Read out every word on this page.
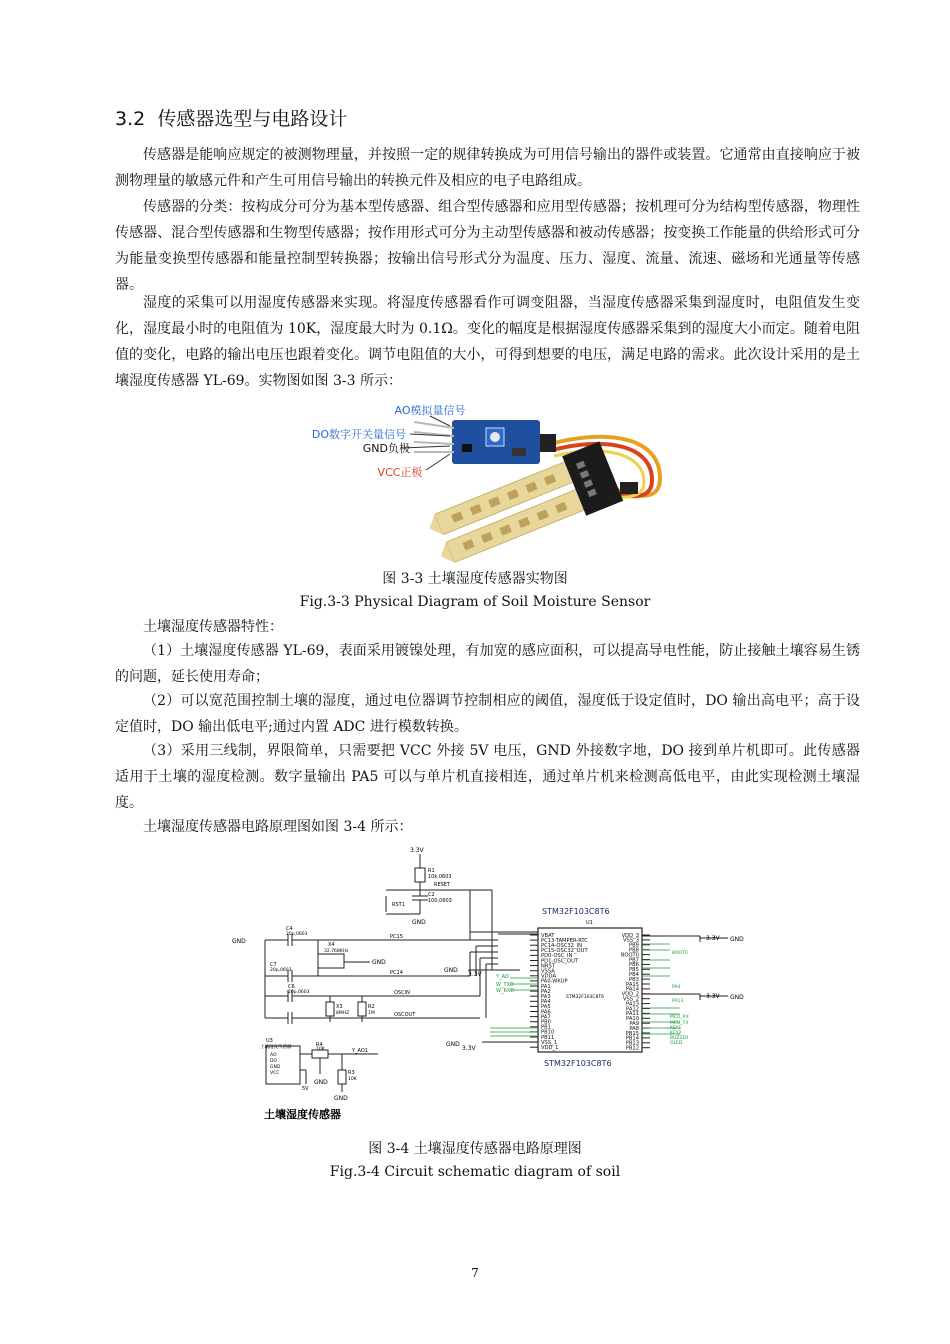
3.2 传感器选型与电路设计

传感器是能响应规定的被测物理量，并按照一定的规律转换成为可用信号输出的器件或装置。它通常由直接响应于被测物理量的敏感元件和产生可用信号输出的转换元件及相应的电子电路组成。

传感器的分类：按构成分可分为基本型传感器、组合型传感器和应用型传感器；按机理可分为结构型传感器，物理性传感器、混合型传感器和生物型传感器；按作用形式可分为主动型传感器和被动传感器；按变换工作能量的供给形式可分为能量变换型传感器和能量控制型转换器；按输出信号形式分为温度、压力、湿度、流量、流速、磁场和光通量等传感器。

湿度的采集可以用湿度传感器来实现。将湿度传感器看作可调变阻器，当湿度传感器采集到湿度时，电阻值发生变化，湿度最小时的电阻值为 10K，湿度最大时为 0.1Ω。变化的幅度是根据湿度传感器采集到的湿度大小而定。随着电阻值的变化，电路的输出电压也跟着变化。调节电阻值的大小，可得到想要的电压，满足电路的需求。此次设计采用的是土壤湿度传感器 YL-69。实物图如图 3-3 所示：

AO模拟量信号
DO数字开关量信号
GND负极
VCC正极
图 3-3 土壤湿度传感器实物图
Fig.3-3 Physical Diagram of Soil Moisture Sensor

土壤湿度传感器特性：

（1）土壤湿度传感器 YL-69，表面采用镀镍处理，有加宽的感应面积，可以提高导电性能，防止接触土壤容易生锈的问题，延长使用寿命；

（2）可以宽范围控制土壤的湿度，通过电位器调节控制相应的阈值，湿度低于设定值时，DO 输出高电平；高于设定值时，DO 输出低电平;通过内置 ADC 进行模数转换。

（3）采用三线制，界限简单，只需要把 VCC 外接 5V 电压，GND 外接数字地，DO 接到单片机即可。此传感器适用于土壤的湿度检测。数字量输出 PA5 可以与单片机直接相连，通过单片机来检测高低电平，由此实现检测土壤湿度。

土壤湿度传感器电路原理图如图 3-4 所示：

VBAT
PC13-TAMPER-RTC
PC14-OSC32_IN
PC15-OSC32_OUT
PD0-OSC_IN
PD1-OSC_OUT
NRST
VSSA
VDDA
PA0-WKUP
PA1
PA2
PA3
PA4
PA5
PA6
PA7
PB0
PB1
PB10
PB11
VSS_1
VDD_1
VDD_3
VSS_3
PB9
PB8
BOOT0
PB7
PB6
PB5
PB4
PB3
PA15
PA14
VDD_2
VSS_2
PA13
PA12
PA11
PA10
PA9
PA8
PB15
PB14
PB13
PB12
3.3V
R1
10k,0603
RESET
C2
100,0603
RST1
GND
STM32F103C8T6
U1
STM32F103C8T6
STM32F103C8T6
GND
C4
20p,0603
X4
32.768KHz
C7
20p,0603
GND
PC15
PC14
C6
20p,0603	OSCIN
X3
8MHZ
R2
1M	OSCOUT
GND
3.3V	Y_AO
W_TXD
W_RXD
GND
3.3V
3.3V GND
3.3V GND
BOOT0
PA4
PA13
MCU_RX
MCU_TX
KEY1
KEY2
BUZZER
OLED
U3
土壤湿度传感器
AO
DO
GND
VCC
R4
10K	Y_AO1
R3
10K
GND
GND
5V
土壤湿度传感器
图 3-4 土壤湿度传感器电路原理图
Fig.3-4 Circuit schematic diagram of soil
7
